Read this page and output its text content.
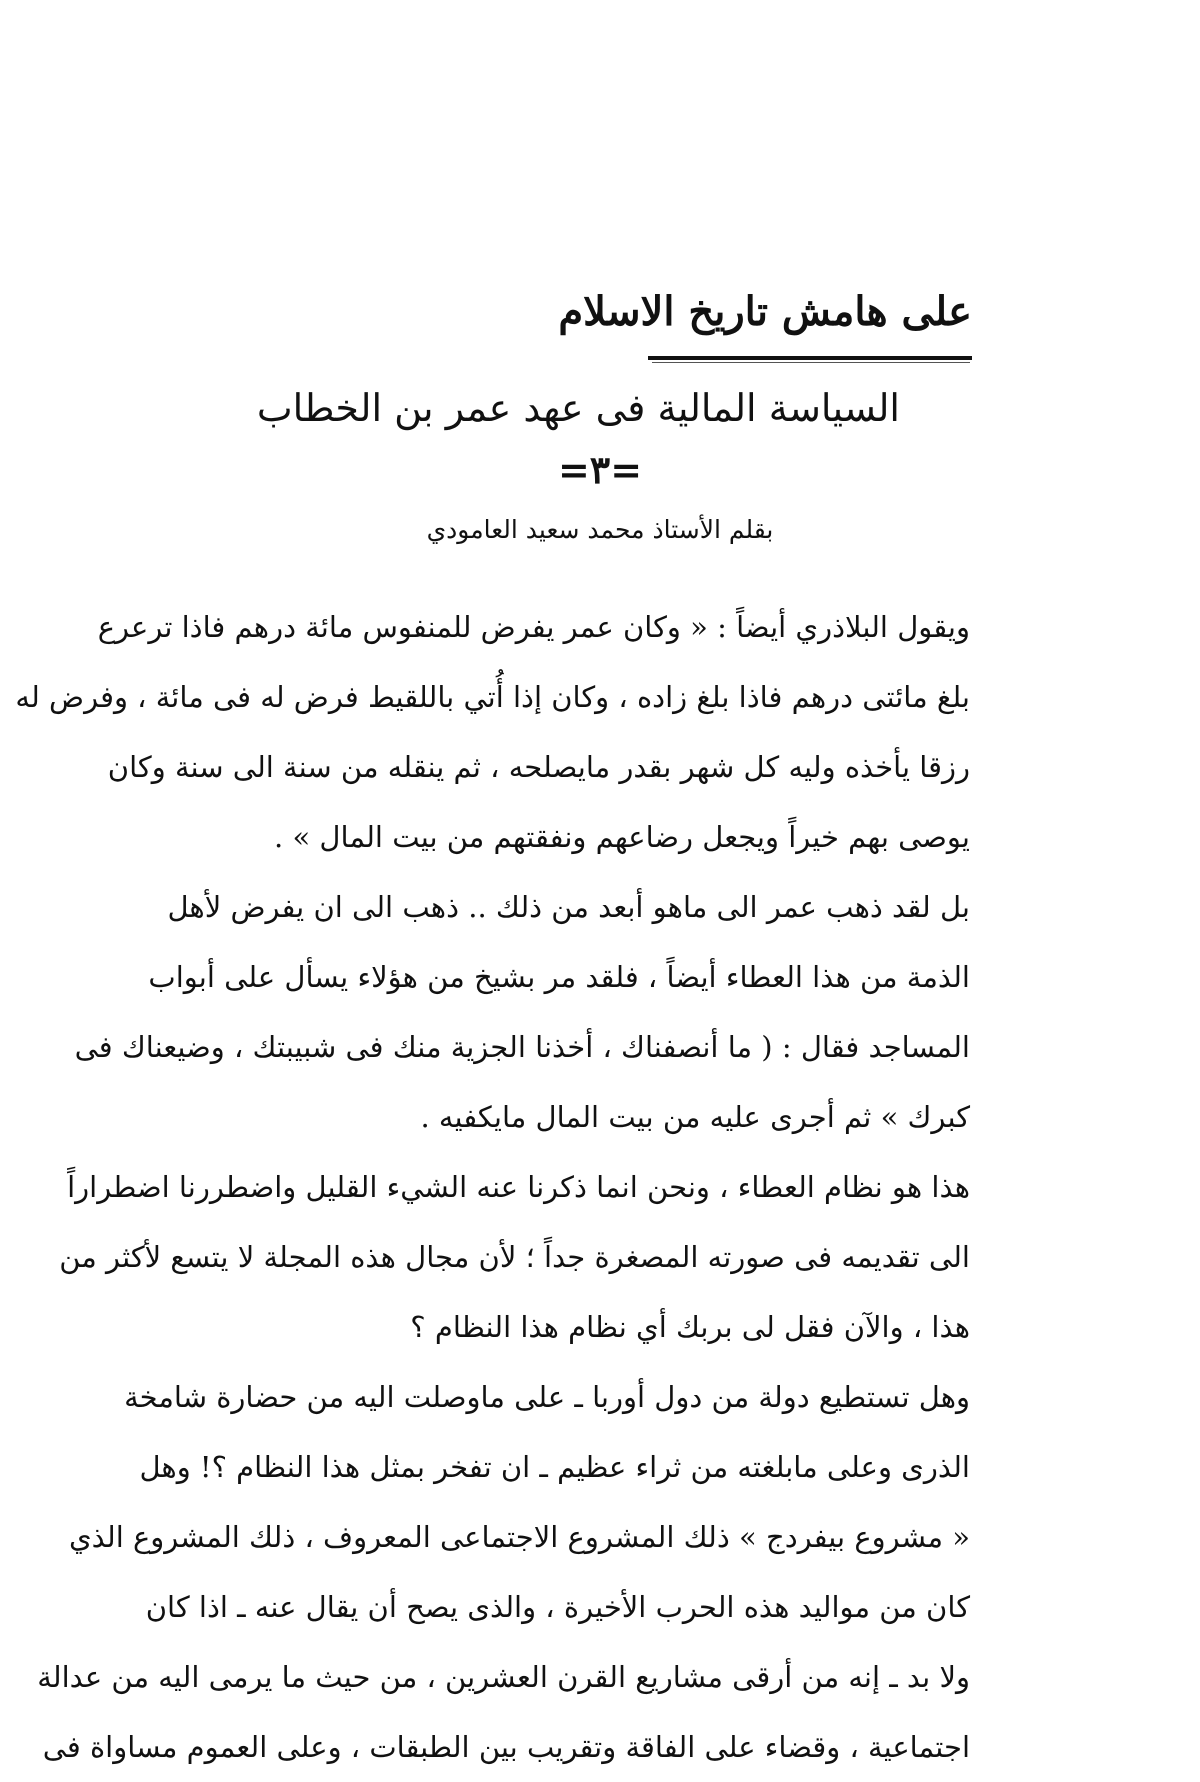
على هامش تاريخ الاسلام
السياسة المالية فى عهد عمر بن الخطاب
=٣=
بقلم الأستاذ محمد سعيد العامودي
ويقول البلاذري أيضاً : « وكان عمر يفرض للمنفوس مائة درهم فاذا ترعرع
بلغ مائتى درهم فاذا بلغ زاده ، وكان إذا أُتي باللقيط فرض له فى مائة ، وفرض له
رزقا يأخذه وليه كل شهر بقدر مايصلحه ، ثم ينقله من سنة الى سنة وكان
يوصى بهم خيراً ويجعل رضاعهم ونفقتهم من بيت المال » .
بل لقد ذهب عمر الى ماهو أبعد من ذلك .. ذهب الى ان يفرض لأهل
الذمة من هذا العطاء أيضاً ، فلقد مر بشيخ من هؤلاء يسأل على أبواب
المساجد فقال : ( ما أنصفناك ، أخذنا الجزية منك فى شبيبتك ، وضيعناك فى
كبرك » ثم أجرى عليه من بيت المال مايكفيه .
هذا هو نظام العطاء ، ونحن انما ذكرنا عنه الشيء القليل واضطررنا اضطراراً
الى تقديمه فى صورته المصغرة جداً ؛ لأن مجال هذه المجلة لا يتسع لأكثر من
هذا ، والآن فقل لى بربك أي نظام هذا النظام ؟
وهل تستطيع دولة من دول أوربا ـ على ماوصلت اليه من حضارة شامخة
الذرى وعلى مابلغته من ثراء عظيم ـ ان تفخر بمثل هذا النظام ؟! وهل
« مشروع بيفردج » ذلك المشروع الاجتماعى المعروف ، ذلك المشروع الذي
كان من مواليد هذه الحرب الأخيرة ، والذى يصح أن يقال عنه ـ اذا كان
ولا بد ـ إنه من أرقى مشاريع القرن العشرين ، من حيث ما يرمى اليه من عدالة
اجتماعية ، وقضاء على الفاقة وتقريب بين الطبقات ، وعلى العموم مساواة فى
